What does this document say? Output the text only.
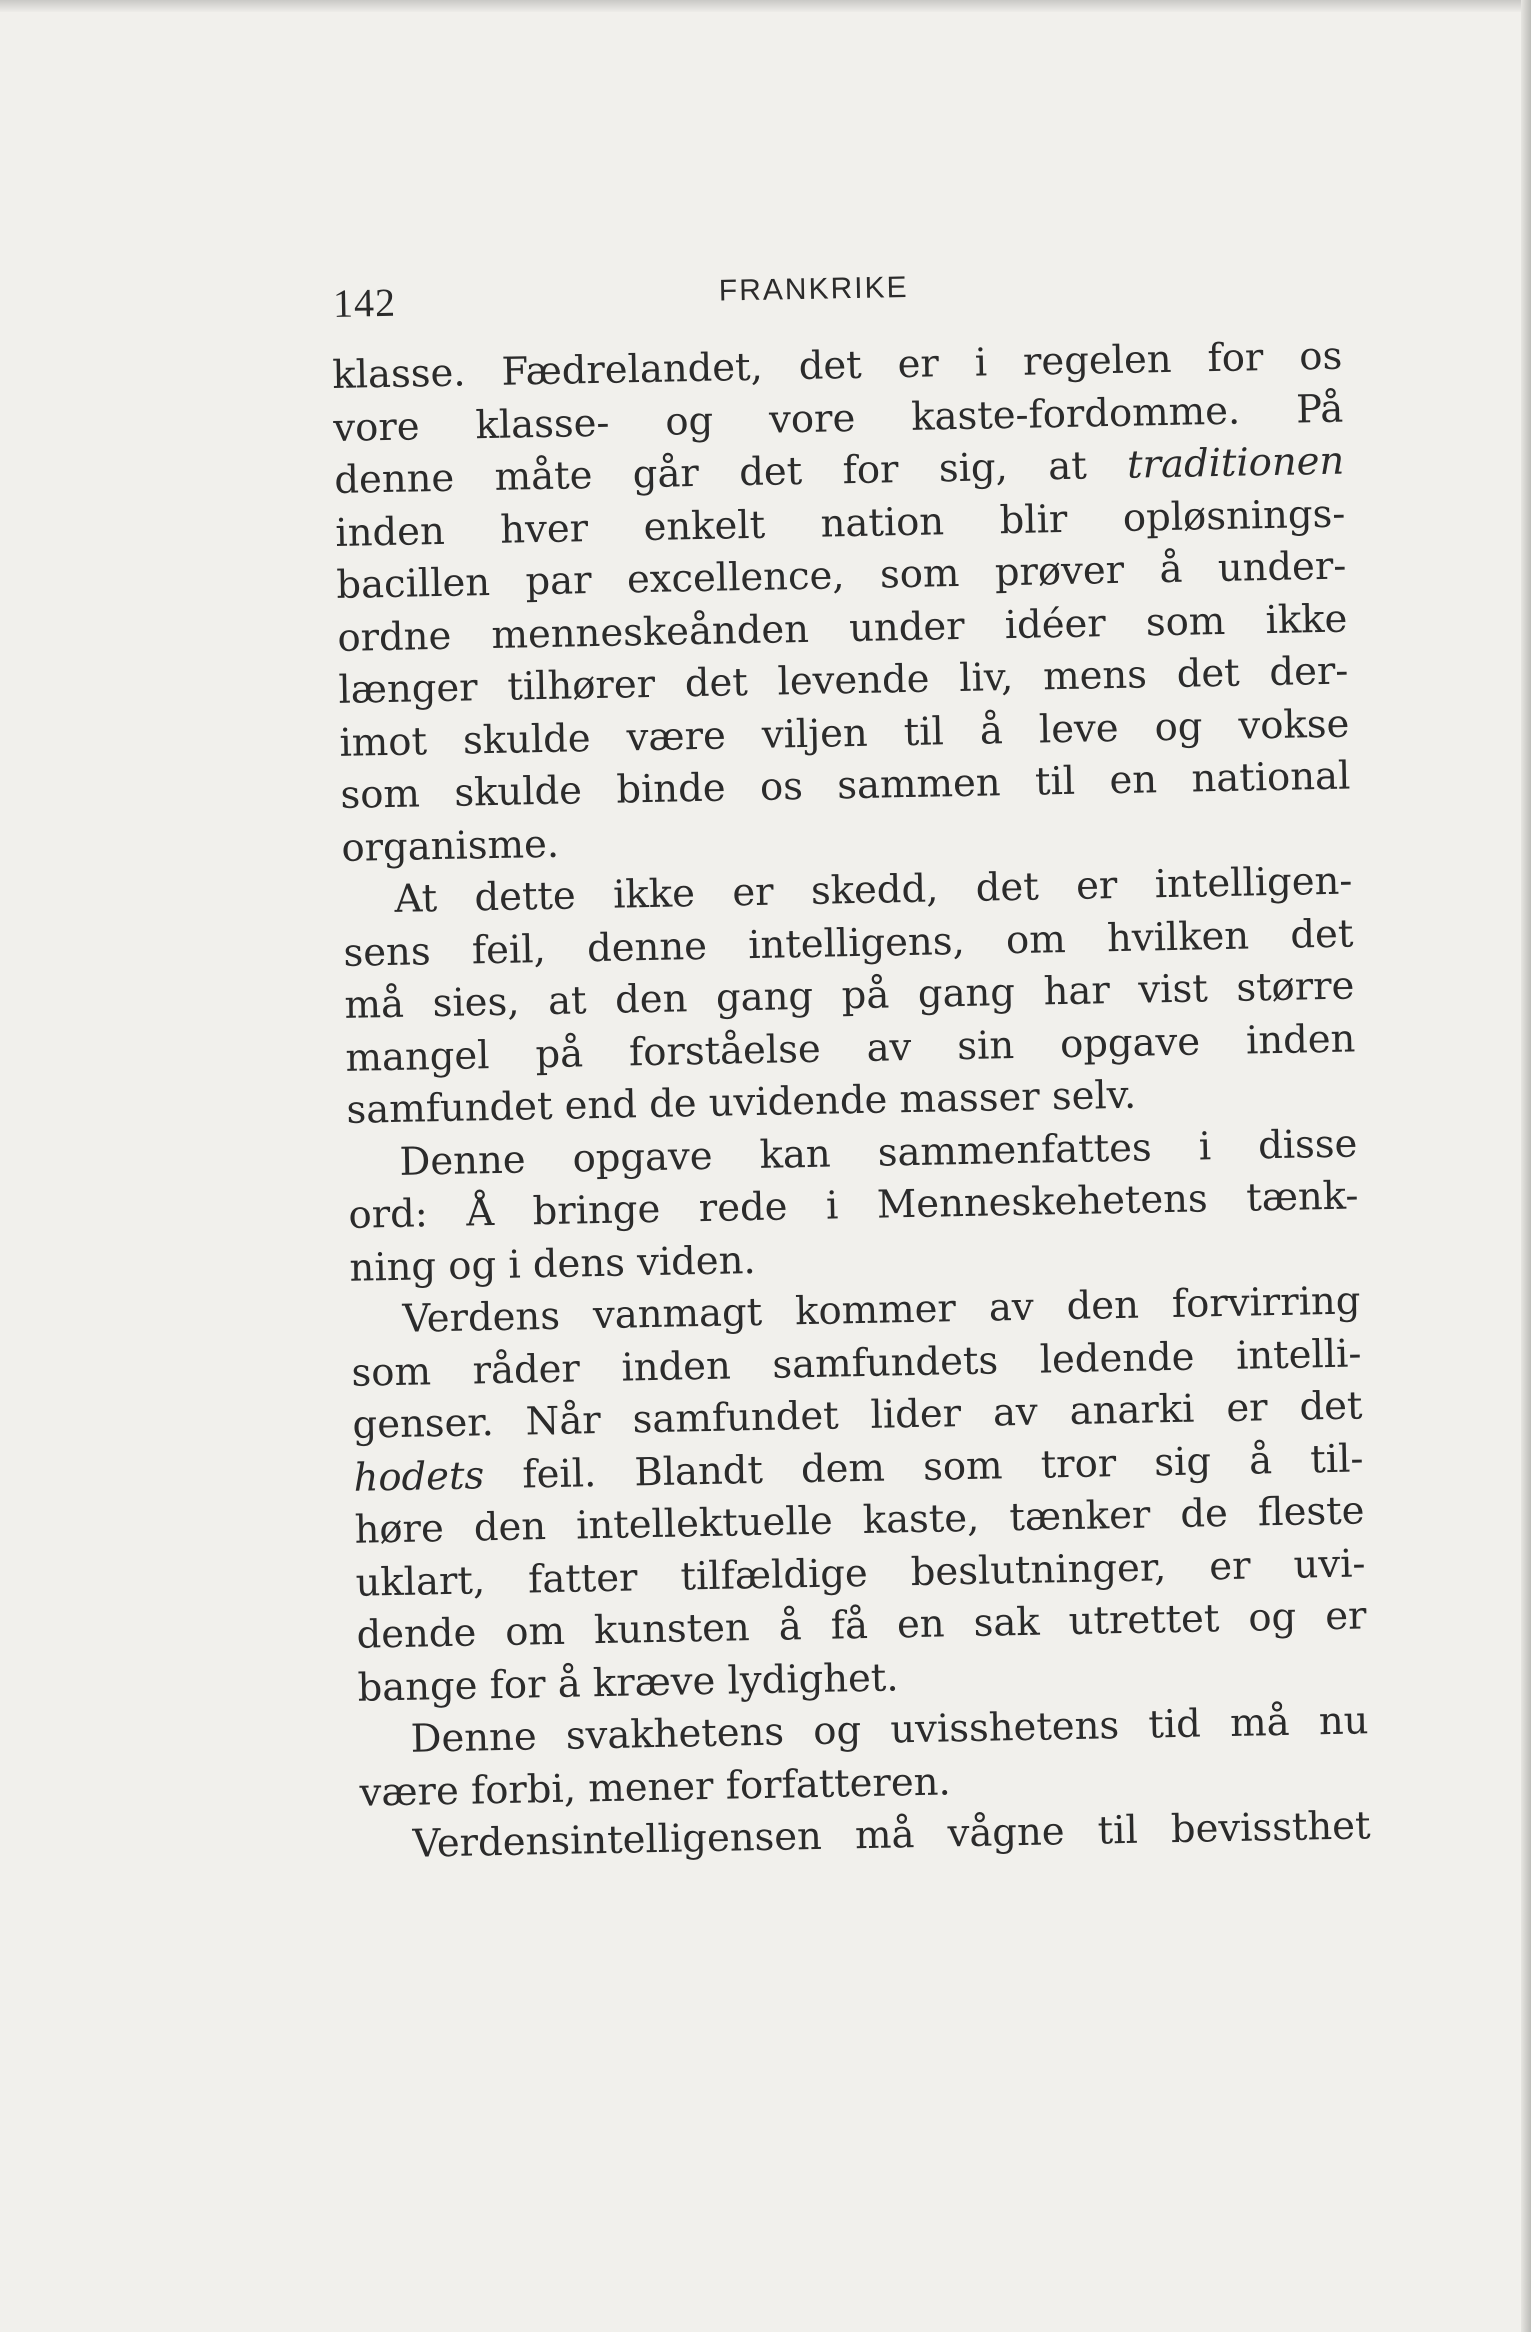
142	FRANKRIKE

klasse. Fædrelandet, det er i regelen for os
vore klasse- og vore kaste-fordomme. På
denne måte går det for sig, at traditionen
inden hver enkelt nation blir opløsnings-
bacillen par excellence, som prøver å under-
ordne menneskeånden under idéer som ikke
længer tilhører det levende liv, mens det der-
imot skulde være viljen til å leve og vokse
som skulde binde os sammen til en national
organisme.

At dette ikke er skedd, det er intelligen-
sens feil, denne intelligens, om hvilken det
må sies, at den gang på gang har vist større
mangel på forståelse av sin opgave inden
samfundet end de uvidende masser selv.

Denne opgave kan sammenfattes i disse
ord: Å bringe rede i Menneskehetens tænk-
ning og i dens viden.

Verdens vanmagt kommer av den forvirring
som råder inden samfundets ledende intelli-
genser. Når samfundet lider av anarki er det
hodets feil. Blandt dem som tror sig å til-
høre den intellektuelle kaste, tænker de fleste
uklart, fatter tilfældige beslutninger, er uvi-
dende om kunsten å få en sak utrettet og er
bange for å kræve lydighet.

Denne svakhetens og uvisshetens tid må nu
være forbi, mener forfatteren.

Verdensintelligensen må vågne til bevissthet
